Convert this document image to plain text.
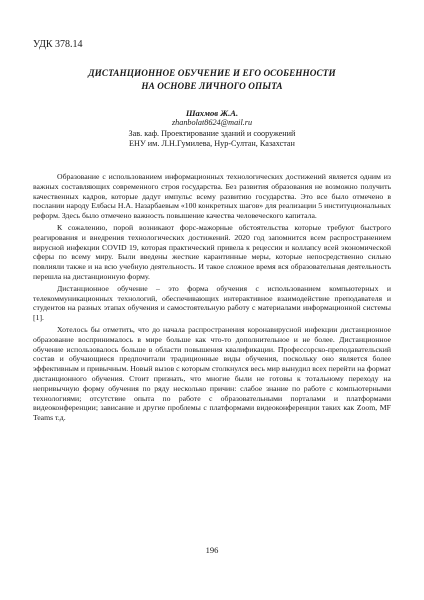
УДК 378.14

ДИСТАНЦИОННОЕ ОБУЧЕНИЕ И ЕГО ОСОБЕННОСТИ
НА ОСНОВЕ ЛИЧНОГО ОПЫТА
Шахмов Ж.А.
zhanbolat8624@mail.ru
Зав. каф. Проектирование зданий и сооружений
ЕНУ им. Л.Н.Гумилева, Нур-Султан, Казахстан

Образование с использованием информационных технологических достижений является одним из важных составляющих современного строя государства. Без развития образования не возможно получить качественных кадров, которые дадут импульс всему развитию государства. Это все было отмечено в послании народу Елбасы Н.А. Назарбаевым «100 конкретных шагов» для реализации 5 институциональных реформ. Здесь было отмечено важность повышение качества человеческого капитала.

К сожалению, порой возникают форс-мажорные обстоятельства которые требуют быстрого реагирования и внедрения технологических достижений. 2020 год запомнится всем распространением вирусной инфекции COVID 19, которая практический привела к рецессии и коллапсу всей экономической сферы по всему миру. Были введены жесткие карантинные меры, которые непосредственно сильно повлияли также и на всю учебную деятельность. И такое сложное время вся образовательная деятельность перешла на дистанционную форму.

Дистанционное обучение – это форма обучения с использованием компьютерных и телекоммуникационных технологий, обеспечивающих интерактивное взаимодействие преподавателя и студентов на разных этапах обучения и самостоятельную работу с материалами информационной системы [1].

Хотелось бы отметить, что до начала распространения коронавирусной инфекции дистанционное образование воспринималось в мире больше как что-то дополнительное и не более. Дистанционное обучение использовалось больше в области повышения квалификации. Профессорско-преподавательский состав и обучающиеся предпочитали традиционные виды обучения, поскольку оно является более эффективным и привычным. Новый вызов с которым столкнулся весь мир вынудил всех перейти на формат дистанционного обучения. Стоит признать, что многие были не готовы к тотальному переходу на непривычную форму обучения по ряду несколько причин: слабое знание по работе с компьютерными технологиями; отсутствие опыта по работе с образовательными порталами и платформами видеоконференции; зависание и другие проблемы с платформами видеоконференции таких как Zoom, MF Teams т.д.

196
